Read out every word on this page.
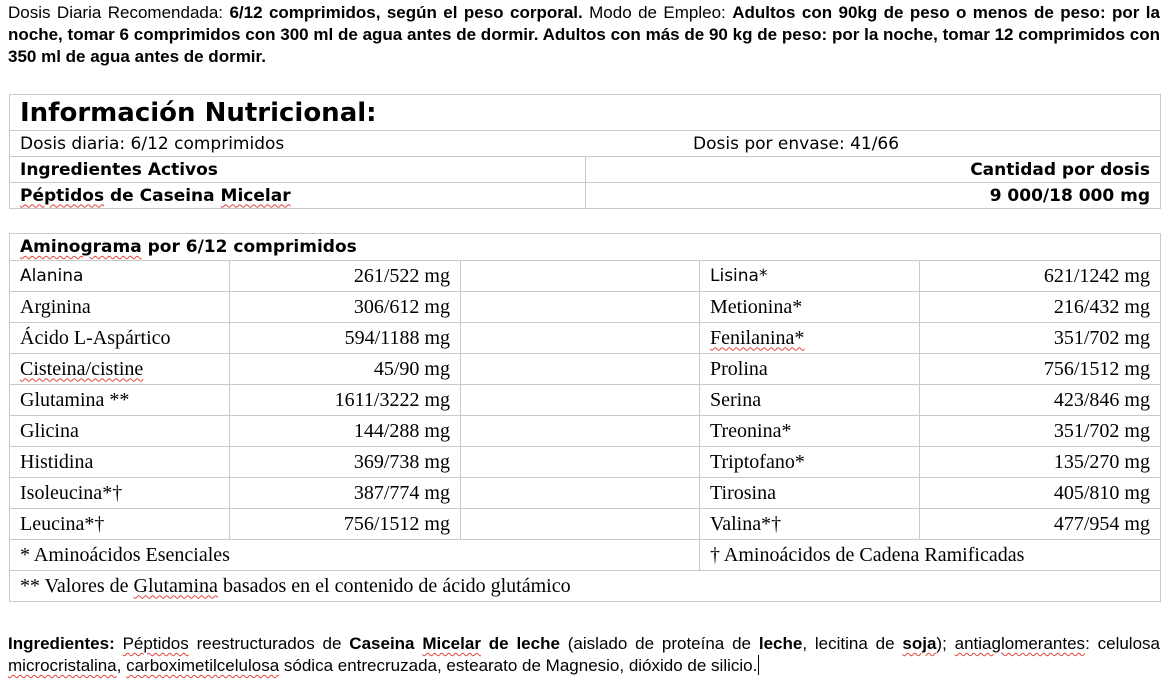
Dosis Diaria Recomendada: 6/12 comprimidos, según el peso corporal. Modo de Empleo: Adultos con 90kg de peso o menos de peso: por la noche, tomar 6 comprimidos con 300 ml de agua antes de dormir. Adultos con más de 90 kg de peso: por la noche, tomar 12 comprimidos con 350 ml de agua antes de dormir.
Información Nutricional:	
Dosis diaria: 6/12 comprimidos Dosis por envase: 41/66	
Ingredientes Activos	Cantidad por dosis
Péptidos de Caseina Micelar	9 000/18 000 mg
Aminograma por 6/12 comprimidos				
Alanina	261/522 mg		Lisina*	621/1242 mg
Arginina	306/612 mg		Metionina*	216/432 mg
Ácido L-Aspártico	594/1188 mg		Fenilanina*	351/702 mg
Cisteina/cistine	45/90 mg		Prolina	756/1512 mg
Glutamina **	1611/3222 mg		Serina	423/846 mg
Glicina	144/288 mg		Treonina*	351/702 mg
Histidina	369/738 mg		Triptofano*	135/270 mg
Isoleucina*†	387/774 mg		Tirosina	405/810 mg
Leucina*†	756/1512 mg		Valina*†	477/954 mg
* Aminoácidos Esenciales			† Aminoácidos de Cadena Ramificadas	
** Valores de Glutamina basados en el contenido de ácido glutámico				
Ingredientes: Péptidos reestructurados de Caseina Micelar de leche (aislado de proteína de leche, lecitina de soja); antiaglomerantes: celulosa microcristalina, carboximetilcelulosa sódica entrecruzada, estearato de Magnesio, dióxido de silicio.
